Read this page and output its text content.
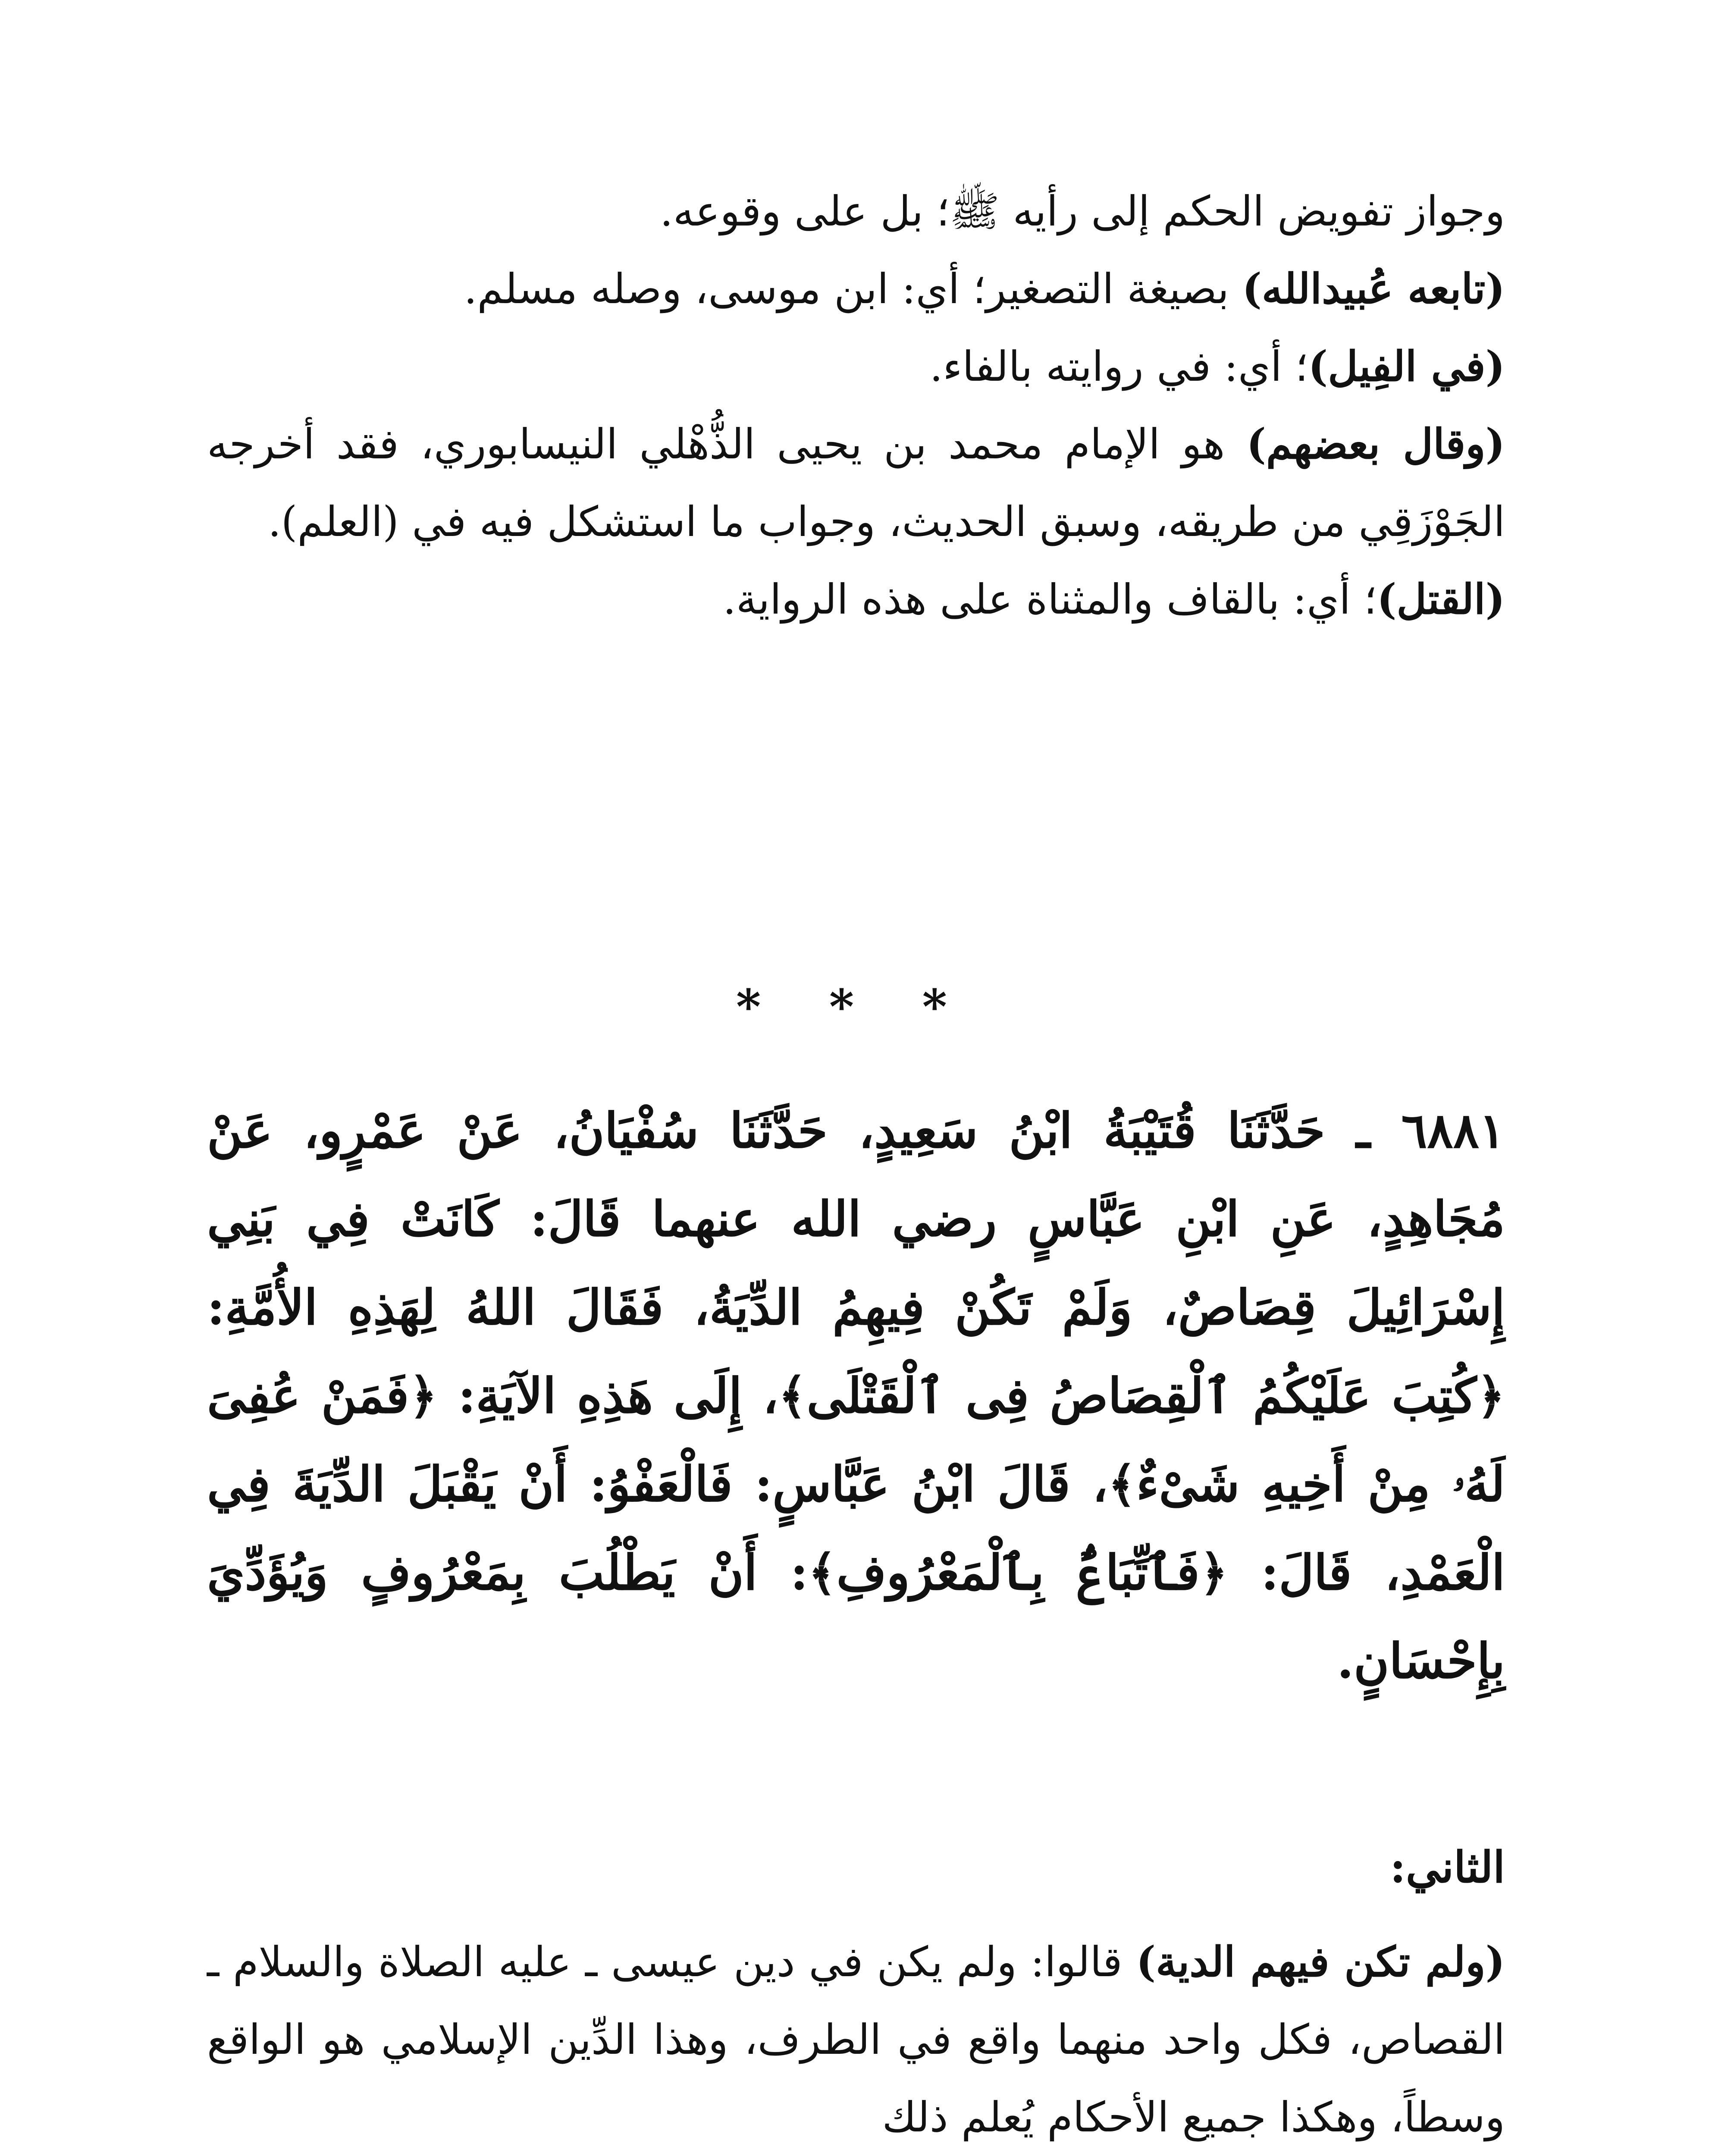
وجواز تفويض الحكم إلى رأيه ﷺ؛ بل على وقوعه.

(تابعه عُبيدالله) بصيغة التصغير؛ أي: ابن موسى، وصله مسلم.

(في الفِيل)؛ أي: في روايته بالفاء.

(وقال بعضهم) هو الإمام محمد بن يحيى الذُّهْلي النيسابوري، فقد أخرجه الجَوْزَقِي من طريقه، وسبق الحديث، وجواب ما استشكل فيه في (العلم).

(القتل)؛ أي: بالقاف والمثناة على هذه الرواية.

* * *

٦٨٨١ ـ حَدَّثَنَا قُتَيْبَةُ ابْنُ سَعِيدٍ، حَدَّثَنَا سُفْيَانُ، عَنْ عَمْرٍو، عَنْ مُجَاهِدٍ، عَنِ ابْنِ عَبَّاسٍ رضي الله عنهما قَالَ: كَانَتْ فِي بَنِي إِسْرَائِيلَ قِصَاصٌ، وَلَمْ تَكُنْ فِيهِمُ الدِّيَةُ، فَقَالَ اللهُ لِهَذِهِ الأُمَّةِ: ﴿كُتِبَ عَلَيْكُمُ ٱلْقِصَاصُ فِى ٱلْقَتْلَى﴾، إِلَى هَذِهِ الآيَةِ: ﴿فَمَنْ عُفِىَ لَهُۥ مِنْ أَخِيهِ شَىْءٌ﴾، قَالَ ابْنُ عَبَّاسٍ: فَالْعَفْوُ: أَنْ يَقْبَلَ الدِّيَةَ فِي الْعَمْدِ، قَالَ: ﴿فَٱتِّبَاعٌۢ بِٱلْمَعْرُوفِ﴾: أَنْ يَطْلُبَ بِمَعْرُوفٍ وَيُؤَدِّيَ بِإِحْسَانٍ.

الثاني:

(ولم تكن فيهم الدية) قالوا: ولم يكن في دين عيسى ـ عليه الصلاة والسلام ـ القصاص، فكل واحد منهما واقع في الطرف، وهذا الدِّين الإسلامي هو الواقع وسطاً، وهكذا جميع الأحكام يُعلم ذلك
